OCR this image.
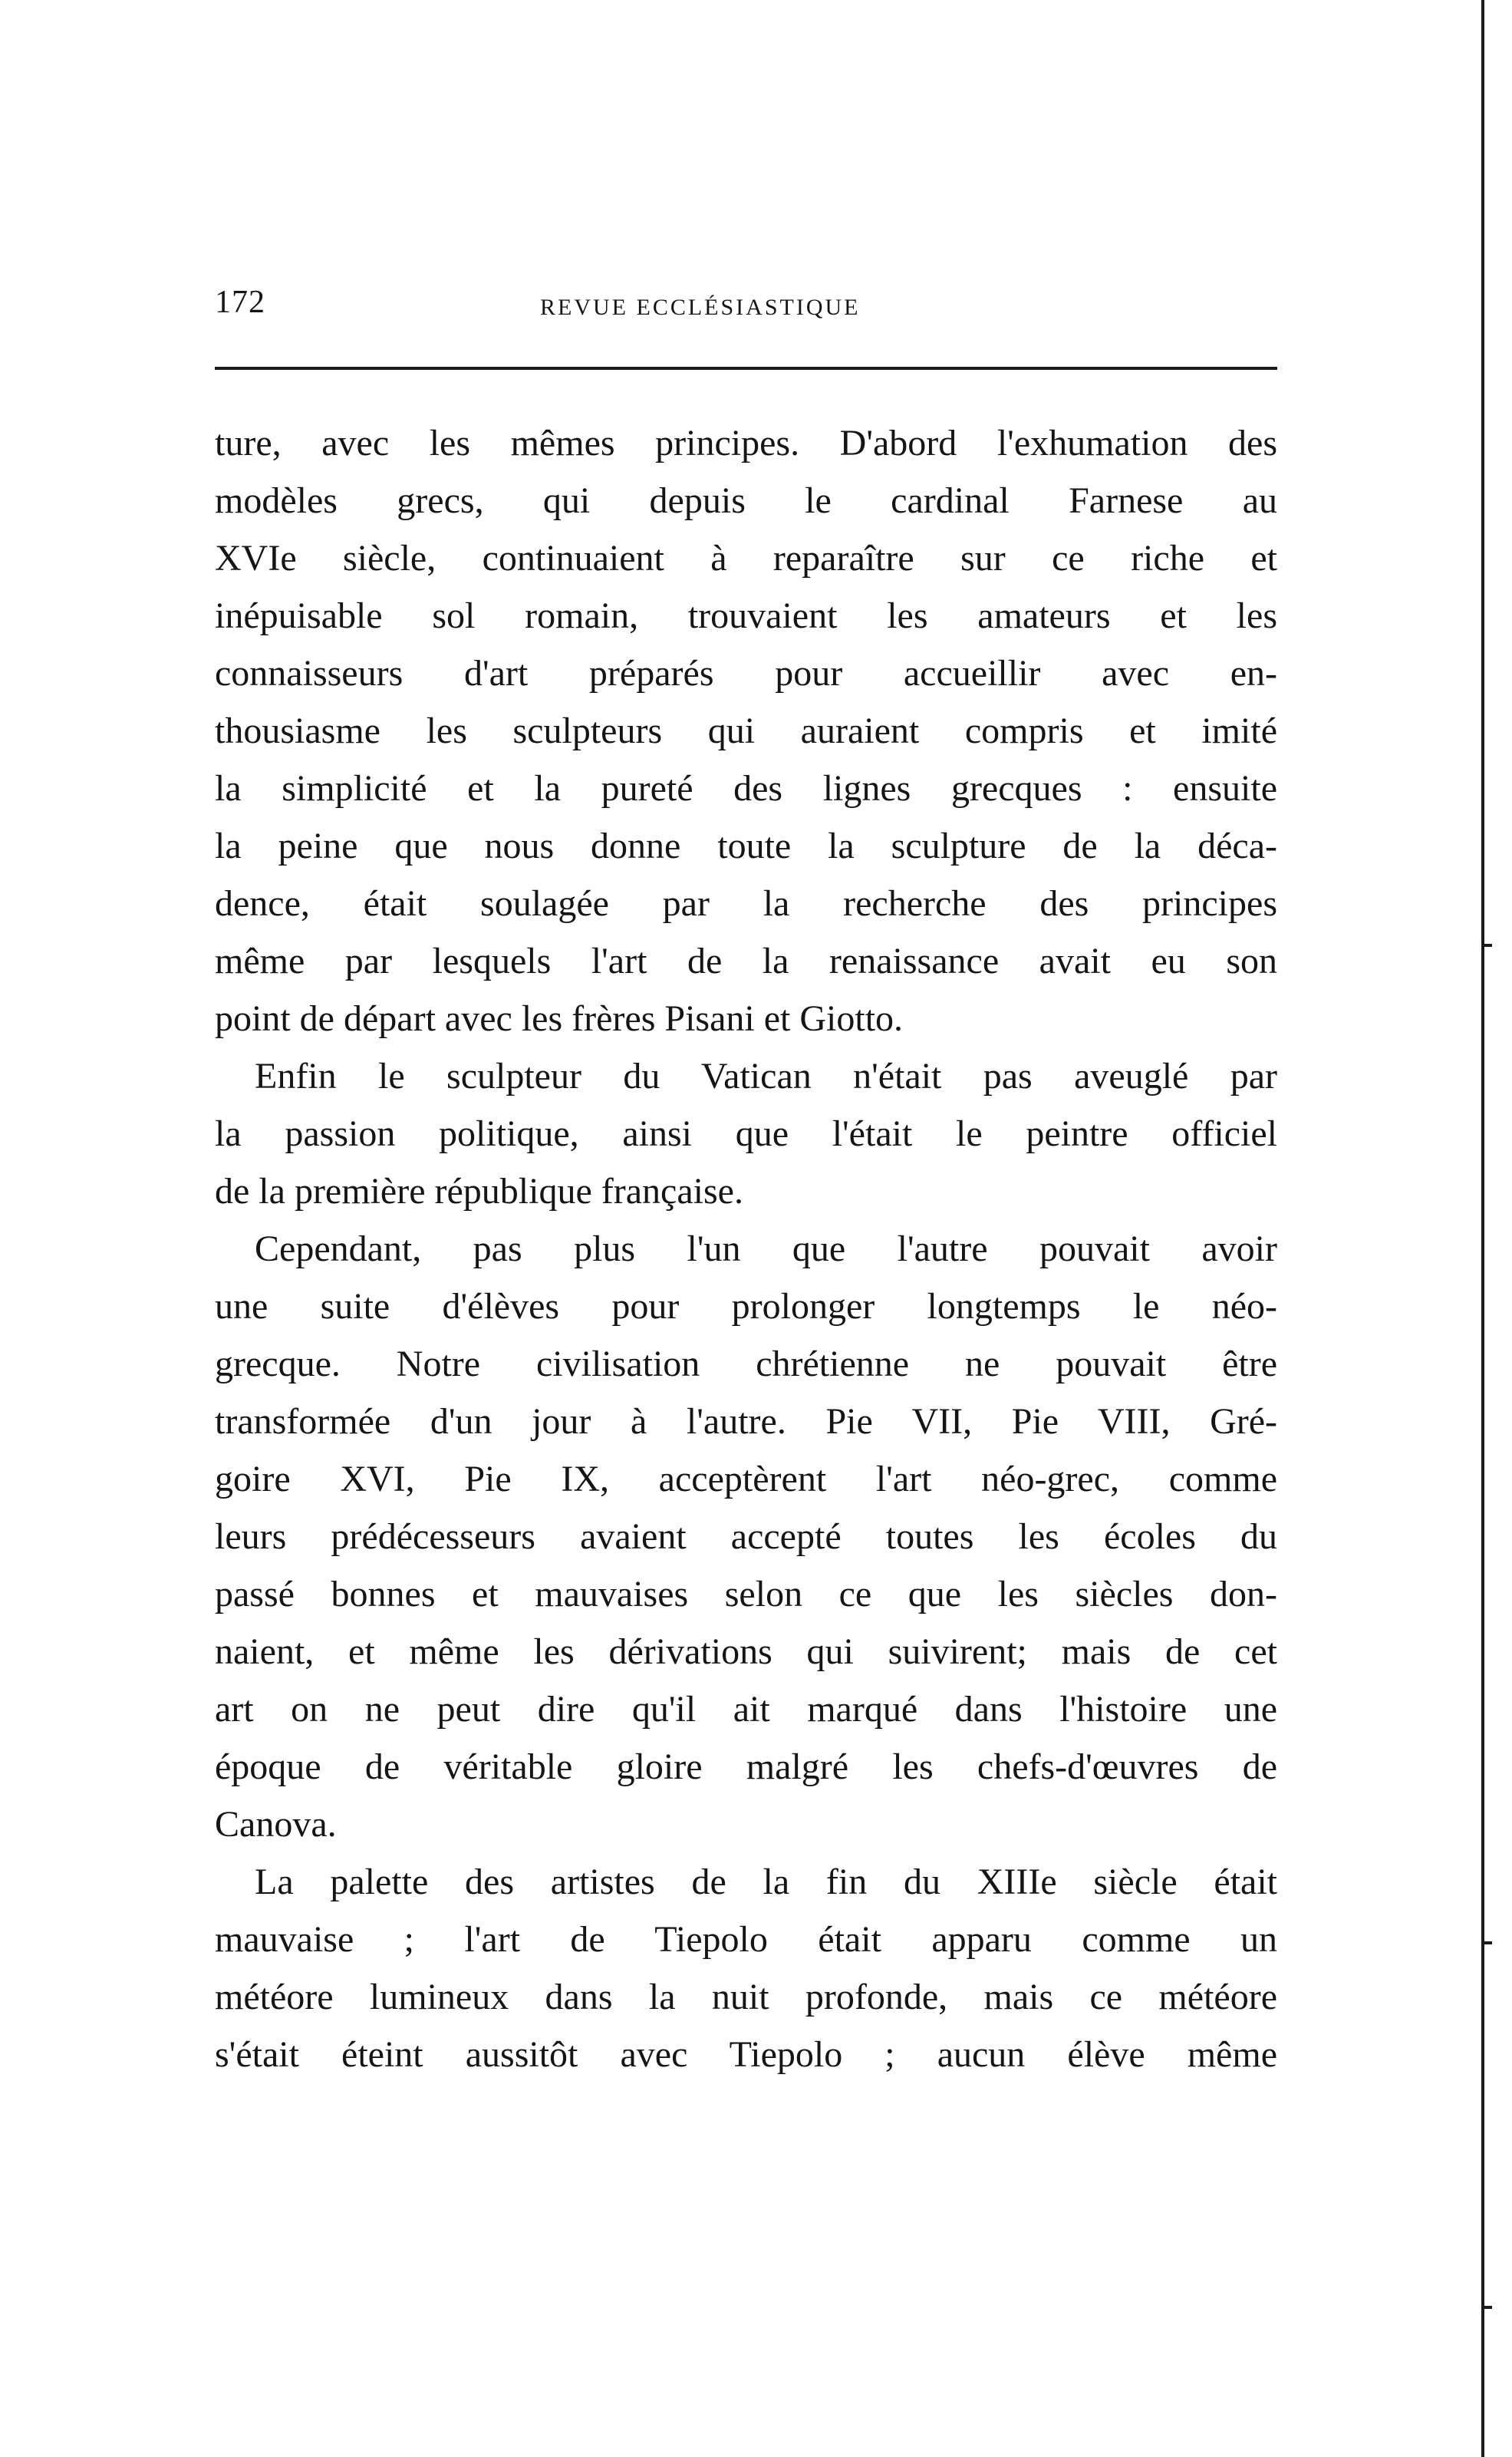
172	REVUE ECCLÉSIASTIQUE
ture, avec les mêmes principes. D'abord l'exhumation des
modèles grecs, qui depuis le cardinal Farnese au
XVIe siècle, continuaient à reparaître sur ce riche et
inépuisable sol romain, trouvaient les amateurs et les
connaisseurs d'art préparés pour accueillir avec en-
thousiasme les sculpteurs qui auraient compris et imité
la simplicité et la pureté des lignes grecques : ensuite
la peine que nous donne toute la sculpture de la déca-
dence, était soulagée par la recherche des principes
même par lesquels l'art de la renaissance avait eu son
point de départ avec les frères Pisani et Giotto.
Enfin le sculpteur du Vatican n'était pas aveuglé par
la passion politique, ainsi que l'était le peintre officiel
de la première république française.
Cependant, pas plus l'un que l'autre pouvait avoir
une suite d'élèves pour prolonger longtemps le néo-
grecque. Notre civilisation chrétienne ne pouvait être
transformée d'un jour à l'autre. Pie VII, Pie VIII, Gré-
goire XVI, Pie IX, acceptèrent l'art néo-grec, comme
leurs prédécesseurs avaient accepté toutes les écoles du
passé bonnes et mauvaises selon ce que les siècles don-
naient, et même les dérivations qui suivirent; mais de cet
art on ne peut dire qu'il ait marqué dans l'histoire une
époque de véritable gloire malgré les chefs-d'œuvres de
Canova.
La palette des artistes de la fin du XIIIe siècle était
mauvaise ; l'art de Tiepolo était apparu comme un
météore lumineux dans la nuit profonde, mais ce météore
s'était éteint aussitôt avec Tiepolo ; aucun élève même
